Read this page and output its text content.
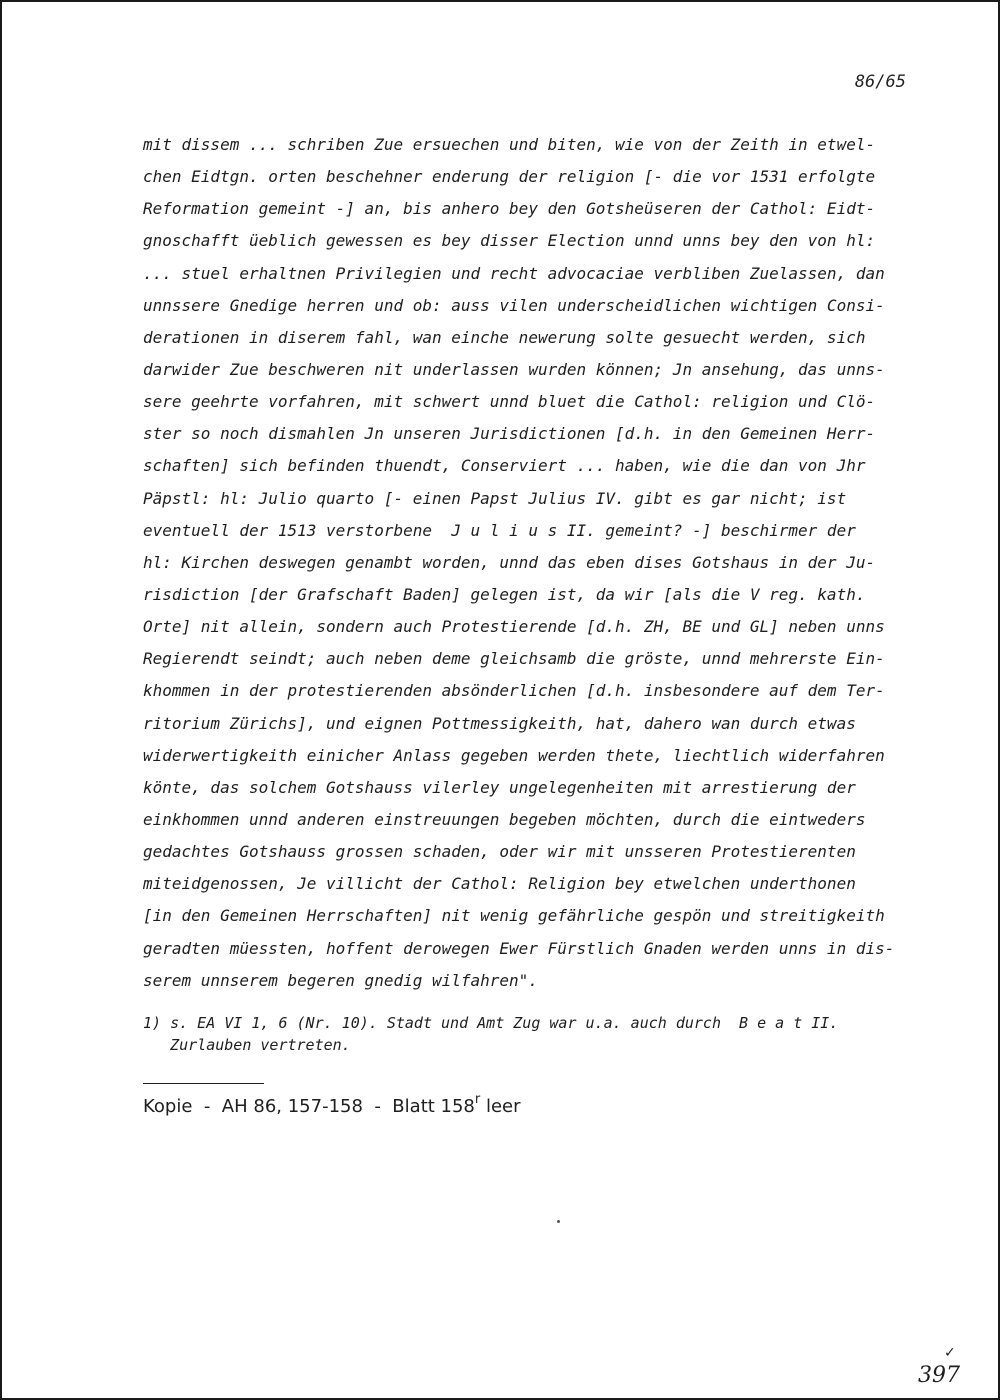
86/65
mit dissem ... schriben Zue ersuechen und biten, wie von der Zeith in etwel-
chen Eidtgn. orten beschehner enderung der religion [- die vor 1531 erfolgte
Reformation gemeint -] an, bis anhero bey den Gotsheüseren der Cathol: Eidt-
gnoschafft üeblich gewessen es bey disser Election unnd unns bey den von hl:
... stuel erhaltnen Privilegien und recht advocaciae verbliben Zuelassen, dan
unnssere Gnedige herren und ob: auss vilen underscheidlichen wichtigen Consi-
derationen in diserem fahl, wan einche newerung solte gesuecht werden, sich
darwider Zue beschweren nit underlassen wurden können; Jn ansehung, das unns-
sere geehrte vorfahren, mit schwert unnd bluet die Cathol: religion und Clö-
ster so noch dismahlen Jn unseren Jurisdictionen [d.h. in den Gemeinen Herr-
schaften] sich befinden thuendt, Conserviert ... haben, wie die dan von Jhr
Päpstl: hl: Julio quarto [- einen Papst Julius IV. gibt es gar nicht; ist
eventuell der 1513 verstorbene  J u l i u s II. gemeint? -] beschirmer der
hl: Kirchen deswegen genambt worden, unnd das eben dises Gotshaus in der Ju-
risdiction [der Grafschaft Baden] gelegen ist, da wir [als die V reg. kath.
Orte] nit allein, sondern auch Protestierende [d.h. ZH, BE und GL] neben unns
Regierendt seindt; auch neben deme gleichsamb die gröste, unnd mehrerste Ein-
khommen in der protestierenden absönderlichen [d.h. insbesondere auf dem Ter-
ritorium Zürichs], und eignen Pottmessigkeith, hat, dahero wan durch etwas
widerwertigkeith einicher Anlass gegeben werden thete, liechtlich widerfahren
könte, das solchem Gotshauss vilerley ungelegenheiten mit arrestierung der
einkhommen unnd anderen einstreuungen begeben möchten, durch die eintweders
gedachtes Gotshauss grossen schaden, oder wir mit unsseren Protestierenten
miteidgenossen, Je villicht der Cathol: Religion bey etwelchen underthonen
[in den Gemeinen Herrschaften] nit wenig gefährliche gespön und streitigkeith
geradten müessten, hoffent derowegen Ewer Fürstlich Gnaden werden unns in dis-
serem unnserem begeren gnedig wilfahren".
1) s. EA VI 1, 6 (Nr. 10). Stadt und Amt Zug war u.a. auch durch  B e a t II.
Zurlauben vertreten.
Kopie  -  AH 86, 157-158  -  Blatt 158$^r$ leer
✓
397
